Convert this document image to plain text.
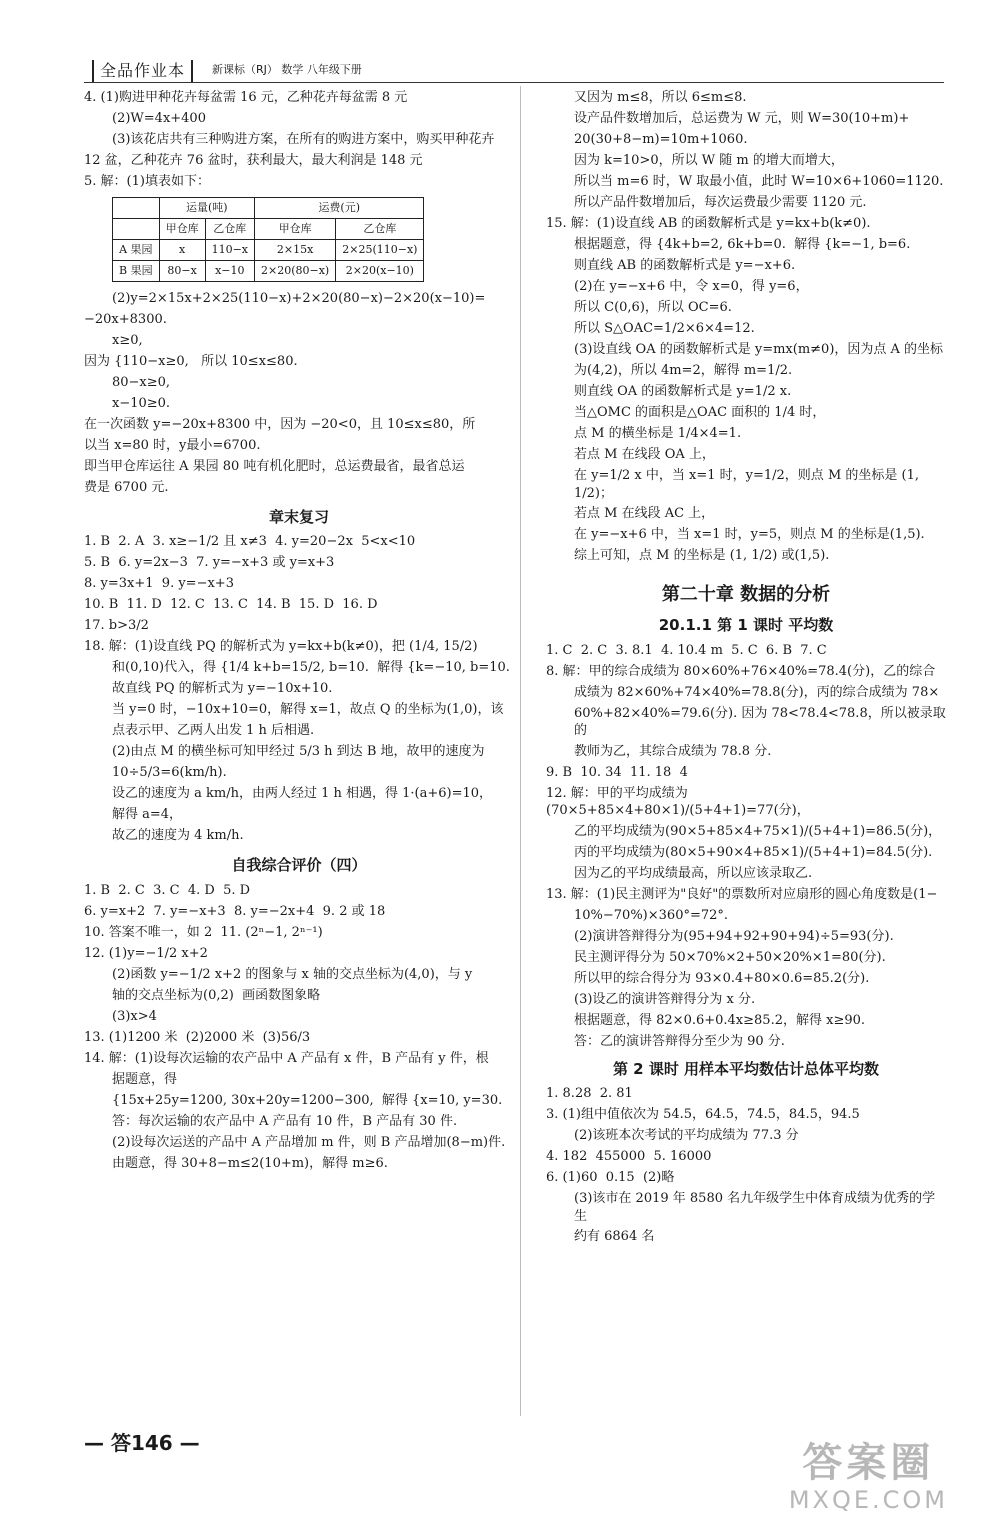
全品作业本	新课标（RJ） 数学 八年级下册
4. (1)购进甲种花卉每盆需 16 元，乙种花卉每盆需 8 元
(2)W=4x+400
(3)该花店共有三种购进方案，在所有的购进方案中，购买甲种花卉
12 盆，乙种花卉 76 盆时，获利最大，最大利润是 148 元
5. 解：(1)填表如下：
	运量(吨)		运费(元)	
	甲仓库	乙仓库	甲仓库	乙仓库
A 果园	x	110−x	2×15x	2×25(110−x)
B 果园	80−x	x−10	2×20(80−x)	2×20(x−10)
(2)y=2×15x+2×25(110−x)+2×20(80−x)−2×20(x−10)=
−20x+8300.
x≥0,
因为 {110−x≥0,   所以 10≤x≤80.
80−x≥0,
x−10≥0.
在一次函数 y=−20x+8300 中，因为 −20<0，且 10≤x≤80，所
以当 x=80 时，y最小=6700.
即当甲仓库运往 A 果园 80 吨有机化肥时，总运费最省，最省总运
费是 6700 元.
章末复习
1. B  2. A  3. x≥−1/2 且 x≠3  4. y=20−2x  5<x<10
5. B  6. y=2x−3  7. y=−x+3 或 y=x+3
8. y=3x+1  9. y=−x+3
10. B  11. D  12. C  13. C  14. B  15. D  16. D
17. b>3/2
18. 解：(1)设直线 PQ 的解析式为 y=kx+b(k≠0)，把 (1/4, 15/2)
和(0,10)代入，得 {1/4 k+b=15/2, b=10.  解得 {k=−10, b=10.
故直线 PQ 的解析式为 y=−10x+10.
当 y=0 时，−10x+10=0，解得 x=1，故点 Q 的坐标为(1,0)，该
点表示甲、乙两人出发 1 h 后相遇.
(2)由点 M 的横坐标可知甲经过 5/3 h 到达 B 地，故甲的速度为
10÷5/3=6(km/h).
设乙的速度为 a km/h，由两人经过 1 h 相遇，得 1·(a+6)=10，
解得 a=4，
故乙的速度为 4 km/h.
自我综合评价（四）
1. B  2. C  3. C  4. D  5. D
6. y=x+2  7. y=−x+3  8. y=−2x+4  9. 2 或 18
10. 答案不唯一，如 2  11. (2ⁿ−1, 2ⁿ⁻¹)
12. (1)y=−1/2 x+2
(2)函数 y=−1/2 x+2 的图象与 x 轴的交点坐标为(4,0)，与 y
轴的交点坐标为(0,2)  画函数图象略
(3)x>4
13. (1)1200 米  (2)2000 米  (3)56/3
14. 解：(1)设每次运输的农产品中 A 产品有 x 件，B 产品有 y 件，根
据题意，得
{15x+25y=1200, 30x+20y=1200−300,  解得 {x=10, y=30.
答：每次运输的农产品中 A 产品有 10 件，B 产品有 30 件.
(2)设每次运送的产品中 A 产品增加 m 件，则 B 产品增加(8−m)件.
由题意，得 30+8−m≤2(10+m)，解得 m≥6.
又因为 m≤8，所以 6≤m≤8.
设产品件数增加后，总运费为 W 元，则 W=30(10+m)+
20(30+8−m)=10m+1060.
因为 k=10>0，所以 W 随 m 的增大而增大，
所以当 m=6 时，W 取最小值，此时 W=10×6+1060=1120.
所以产品件数增加后，每次运费最少需要 1120 元.
15. 解：(1)设直线 AB 的函数解析式是 y=kx+b(k≠0).
根据题意，得 {4k+b=2, 6k+b=0.  解得 {k=−1, b=6.
则直线 AB 的函数解析式是 y=−x+6.
(2)在 y=−x+6 中，令 x=0，得 y=6，
所以 C(0,6)，所以 OC=6.
所以 S△OAC=1/2×6×4=12.
(3)设直线 OA 的函数解析式是 y=mx(m≠0)，因为点 A 的坐标
为(4,2)，所以 4m=2，解得 m=1/2.
则直线 OA 的函数解析式是 y=1/2 x.
当△OMC 的面积是△OAC 面积的 1/4 时，
点 M 的横坐标是 1/4×4=1.
若点 M 在线段 OA 上，
在 y=1/2 x 中，当 x=1 时，y=1/2，则点 M 的坐标是 (1, 1/2)；
若点 M 在线段 AC 上，
在 y=−x+6 中，当 x=1 时，y=5，则点 M 的坐标是(1,5).
综上可知，点 M 的坐标是 (1, 1/2) 或(1,5).
第二十章 数据的分析
20.1.1 第 1 课时 平均数
1. C  2. C  3. 8.1  4. 10.4 m  5. C  6. B  7. C
8. 解：甲的综合成绩为 80×60%+76×40%=78.4(分)，乙的综合
成绩为 82×60%+74×40%=78.8(分)，丙的综合成绩为 78×
60%+82×40%=79.6(分). 因为 78<78.4<78.8，所以被录取的
教师为乙，其综合成绩为 78.8 分.
9. B  10. 34  11. 18  4
12. 解：甲的平均成绩为(70×5+85×4+80×1)/(5+4+1)=77(分)，
乙的平均成绩为(90×5+85×4+75×1)/(5+4+1)=86.5(分)，
丙的平均成绩为(80×5+90×4+85×1)/(5+4+1)=84.5(分).
因为乙的平均成绩最高，所以应该录取乙.
13. 解：(1)民主测评为"良好"的票数所对应扇形的圆心角度数是(1−
10%−70%)×360°=72°.
(2)演讲答辩得分为(95+94+92+90+94)÷5=93(分).
民主测评得分为 50×70%×2+50×20%×1=80(分).
所以甲的综合得分为 93×0.4+80×0.6=85.2(分).
(3)设乙的演讲答辩得分为 x 分.
根据题意，得 82×0.6+0.4x≥85.2，解得 x≥90.
答：乙的演讲答辩得分至少为 90 分.
第 2 课时 用样本平均数估计总体平均数
1. 8.28  2. 81
3. (1)组中值依次为 54.5，64.5，74.5，84.5，94.5
(2)该班本次考试的平均成绩为 77.3 分
4. 182  455000  5. 16000
6. (1)60  0.15  (2)略
(3)该市在 2019 年 8580 名九年级学生中体育成绩为优秀的学生
约有 6864 名
— 答146 —	答案圈
MXQE.COM
